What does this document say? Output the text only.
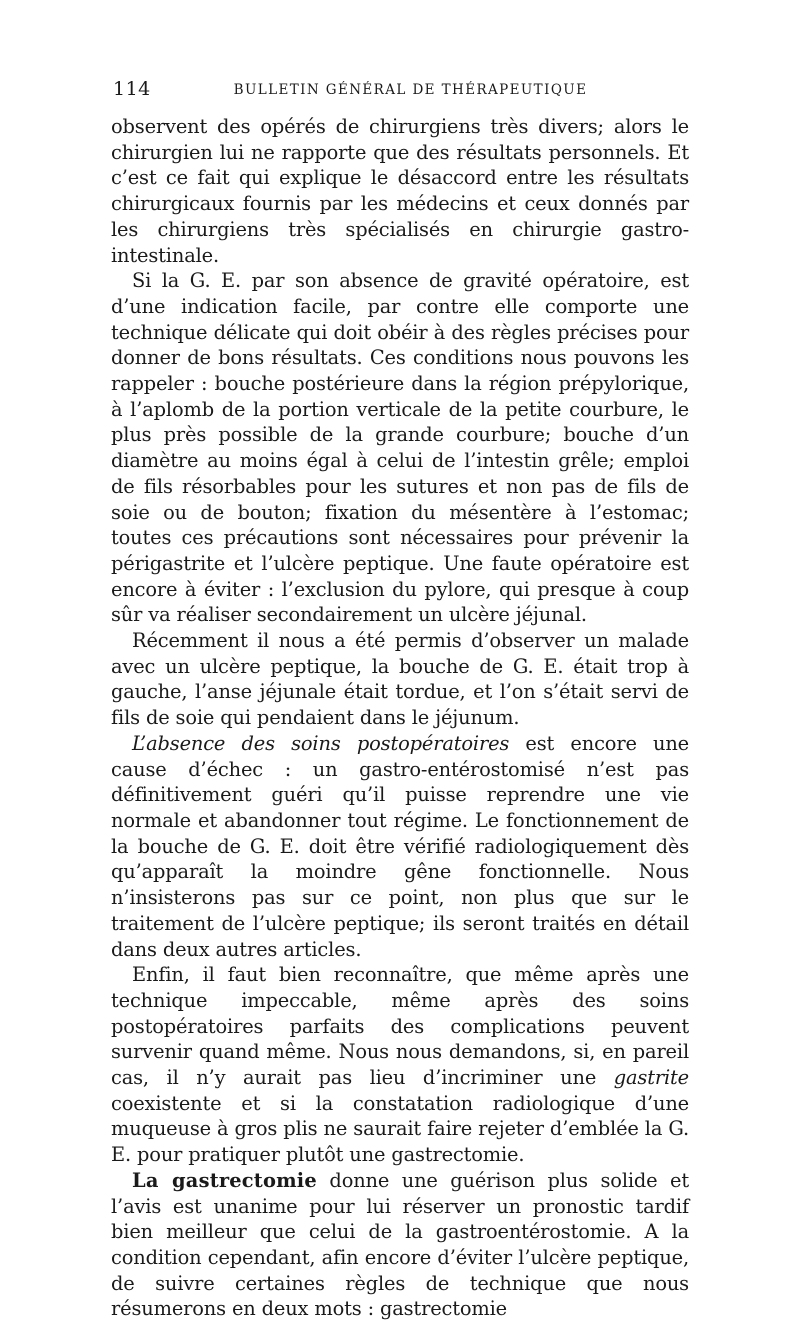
114	BULLETIN GÉNÉRAL DE THÉRAPEUTIQUE

observent des opérés de chirurgiens très divers; alors le chirurgien lui ne rapporte que des résultats personnels. Et c’est ce fait qui explique le désaccord entre les résultats chirurgicaux fournis par les médecins et ceux donnés par les chirurgiens très spécialisés en chirurgie gastro-intestinale.

Si la G. E. par son absence de gravité opératoire, est d’une indication facile, par contre elle comporte une technique délicate qui doit obéir à des règles précises pour donner de bons résultats. Ces conditions nous pouvons les rappeler : bouche postérieure dans la région prépylorique, à l’aplomb de la portion verticale de la petite courbure, le plus près possible de la grande courbure; bouche d’un diamètre au moins égal à celui de l’intestin grêle; emploi de fils résorbables pour les sutures et non pas de fils de soie ou de bouton; fixation du mésentère à l’estomac; toutes ces précautions sont nécessaires pour prévenir la périgastrite et l’ulcère peptique. Une faute opératoire est encore à éviter : l’exclusion du pylore, qui presque à coup sûr va réaliser secondairement un ulcère jéjunal.

Récemment il nous a été permis d’observer un malade avec un ulcère peptique, la bouche de G. E. était trop à gauche, l’anse jéjunale était tordue, et l’on s’était servi de fils de soie qui pendaient dans le jéjunum.

L’absence des soins postopératoires est encore une cause d’échec : un gastro-entérostomisé n’est pas définitivement guéri qu’il puisse reprendre une vie normale et abandonner tout régime. Le fonctionnement de la bouche de G. E. doit être vérifié radiologiquement dès qu’apparaît la moindre gêne fonctionnelle. Nous n’insisterons pas sur ce point, non plus que sur le traitement de l’ulcère peptique; ils seront traités en détail dans deux autres articles.

Enfin, il faut bien reconnaître, que même après une technique impeccable, même après des soins postopératoires parfaits des complications peuvent survenir quand même. Nous nous demandons, si, en pareil cas, il n’y aurait pas lieu d’incriminer une gastrite coexistente et si la constatation radiologique d’une muqueuse à gros plis ne saurait faire rejeter d’emblée la G. E. pour pratiquer plutôt une gastrectomie.

La gastrectomie donne une guérison plus solide et l’avis est unanime pour lui réserver un pronostic tardif bien meilleur que celui de la gastroentérostomie. A la condition cependant, afin encore d’éviter l’ulcère peptique, de suivre certaines règles de technique que nous résumerons en deux mots : gastrectomie
